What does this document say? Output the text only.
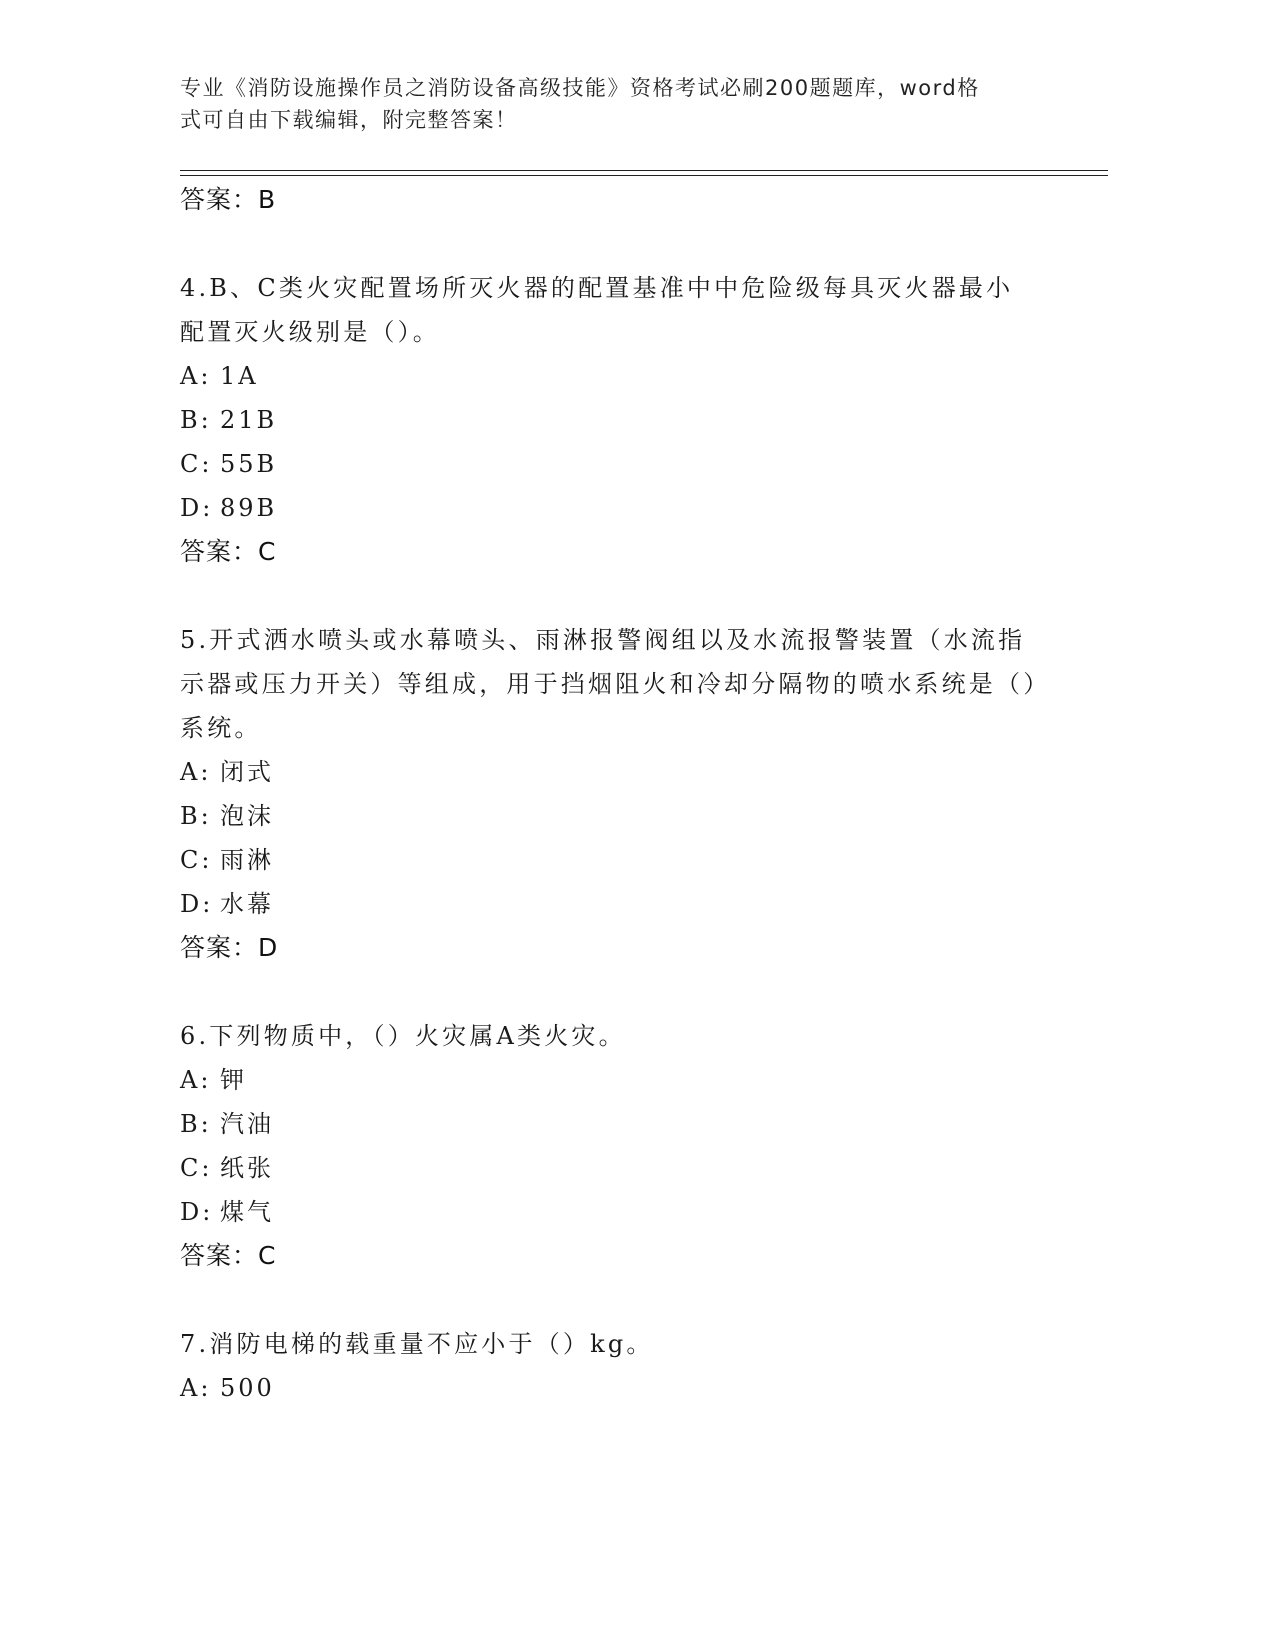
专业《消防设施操作员之消防设备高级技能》资格考试必刷200题题库，word格
式可自由下载编辑，附完整答案！
答案：B
4.B、C类火灾配置场所灭火器的配置基准中中危险级每具灭火器最小配置灭火级别是（）。
A: 1A
B: 21B
C: 55B
D: 89B
答案：C
5.开式洒水喷头或水幕喷头、雨淋报警阀组以及水流报警装置（水流指示器或压力开关）等组成，用于挡烟阻火和冷却分隔物的喷水系统是（）系统。
A: 闭式
B: 泡沫
C: 雨淋
D: 水幕
答案：D
6.下列物质中，（）火灾属A类火灾。
A: 钾
B: 汽油
C: 纸张
D: 煤气
答案：C
7.消防电梯的载重量不应小于（）kg。
A: 500
